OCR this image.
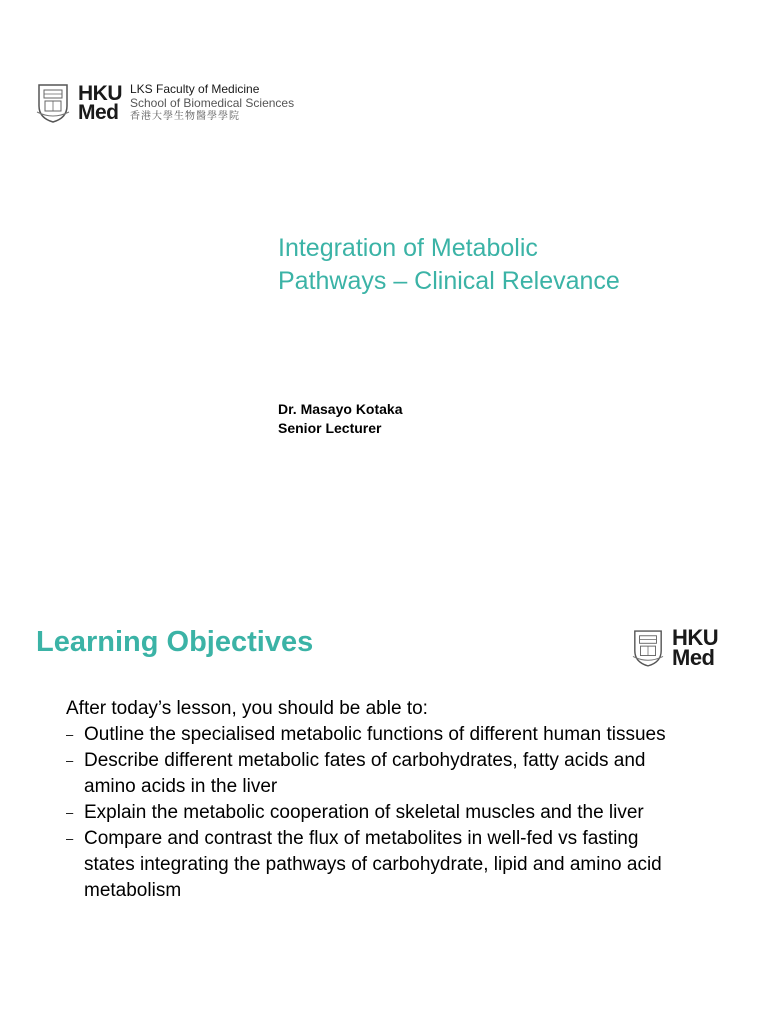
HKU
Med
LKS Faculty of Medicine
School of Biomedical Sciences
香港大學生物醫學學院
Integration of Metabolic
Pathways – Clinical Relevance
Dr. Masayo Kotaka
Senior Lecturer
Learning Objectives	HKU
Med
After today’s lesson, you should be able to:
– Outline the specialised metabolic functions of different human tissues
– Describe different metabolic fates of carbohydrates, fatty acids and amino acids in the liver
– Explain the metabolic cooperation of skeletal muscles and the liver
– Compare and contrast the flux of metabolites in well-fed vs fasting states integrating the pathways of carbohydrate, lipid and amino acid metabolism
